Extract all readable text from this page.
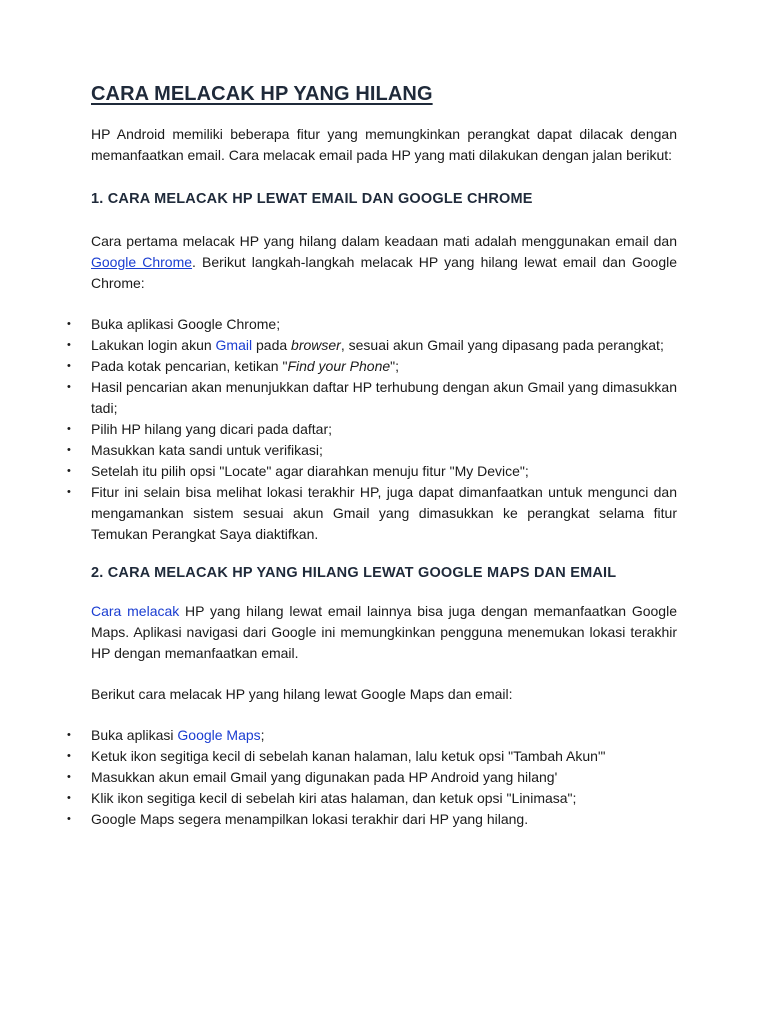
CARA MELACAK HP YANG HILANG

HP Android memiliki beberapa fitur yang memungkinkan perangkat dapat dilacak dengan memanfaatkan email. Cara melacak email pada HP yang mati dilakukan dengan jalan berikut:

1. CARA MELACAK HP LEWAT EMAIL DAN GOOGLE CHROME

Cara pertama melacak HP yang hilang dalam keadaan mati adalah menggunakan email dan Google Chrome. Berikut langkah-langkah melacak HP yang hilang lewat email dan Google Chrome:

• Buka aplikasi Google Chrome;
• Lakukan login akun Gmail pada browser, sesuai akun Gmail yang dipasang pada perangkat;
• Pada kotak pencarian, ketikan "Find your Phone";
• Hasil pencarian akan menunjukkan daftar HP terhubung dengan akun Gmail yang dimasukkan tadi;
• Pilih HP hilang yang dicari pada daftar;
• Masukkan kata sandi untuk verifikasi;
• Setelah itu pilih opsi "Locate" agar diarahkan menuju fitur "My Device";
• Fitur ini selain bisa melihat lokasi terakhir HP, juga dapat dimanfaatkan untuk mengunci dan mengamankan sistem sesuai akun Gmail yang dimasukkan ke perangkat selama fitur Temukan Perangkat Saya diaktifkan.
2. CARA MELACAK HP YANG HILANG LEWAT GOOGLE MAPS DAN EMAIL

Cara melacak HP yang hilang lewat email lainnya bisa juga dengan memanfaatkan Google Maps. Aplikasi navigasi dari Google ini memungkinkan pengguna menemukan lokasi terakhir HP dengan memanfaatkan email.

Berikut cara melacak HP yang hilang lewat Google Maps dan email:

• Buka aplikasi Google Maps;
• Ketuk ikon segitiga kecil di sebelah kanan halaman, lalu ketuk opsi "Tambah Akun"'
• Masukkan akun email Gmail yang digunakan pada HP Android yang hilang'
• Klik ikon segitiga kecil di sebelah kiri atas halaman, dan ketuk opsi "Linimasa";
• Google Maps segera menampilkan lokasi terakhir dari HP yang hilang.
